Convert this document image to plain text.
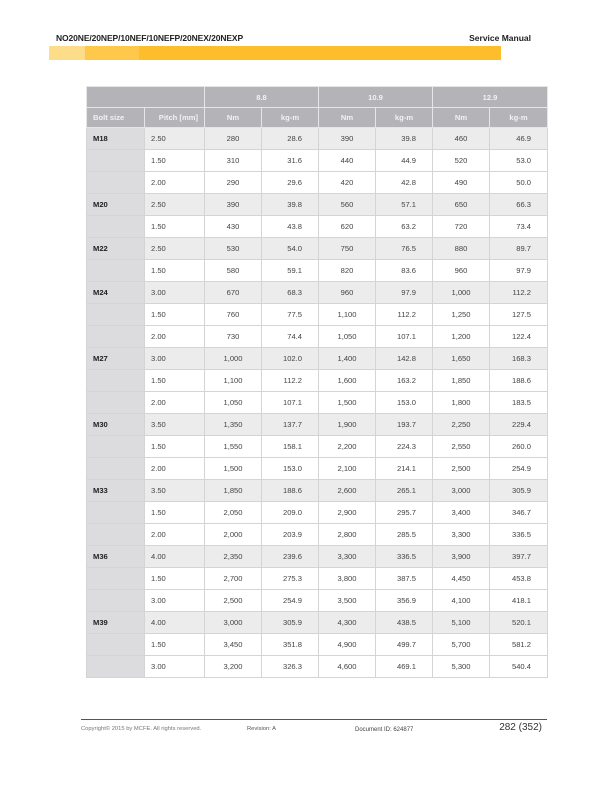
NO20NE/20NEP/10NEF/10NEFP/20NEX/20NEXP	Service Manual
		8.8		10.9		12.9	
Bolt size	Pitch [mm]	Nm	kg-m	Nm	kg-m	Nm	kg-m
M18	2.50	280	28.6	390	39.8	460	46.9
	1.50	310	31.6	440	44.9	520	53.0
	2.00	290	29.6	420	42.8	490	50.0
M20	2.50	390	39.8	560	57.1	650	66.3
	1.50	430	43.8	620	63.2	720	73.4
M22	2.50	530	54.0	750	76.5	880	89.7
	1.50	580	59.1	820	83.6	960	97.9
M24	3.00	670	68.3	960	97.9	1,000	112.2
	1.50	760	77.5	1,100	112.2	1,250	127.5
	2.00	730	74.4	1,050	107.1	1,200	122.4
M27	3.00	1,000	102.0	1,400	142.8	1,650	168.3
	1.50	1,100	112.2	1,600	163.2	1,850	188.6
	2.00	1,050	107.1	1,500	153.0	1,800	183.5
M30	3.50	1,350	137.7	1,900	193.7	2,250	229.4
	1.50	1,550	158.1	2,200	224.3	2,550	260.0
	2.00	1,500	153.0	2,100	214.1	2,500	254.9
M33	3.50	1,850	188.6	2,600	265.1	3,000	305.9
	1.50	2,050	209.0	2,900	295.7	3,400	346.7
	2.00	2,000	203.9	2,800	285.5	3,300	336.5
M36	4.00	2,350	239.6	3,300	336.5	3,900	397.7
	1.50	2,700	275.3	3,800	387.5	4,450	453.8
	3.00	2,500	254.9	3,500	356.9	4,100	418.1
M39	4.00	3,000	305.9	4,300	438.5	5,100	520.1
	1.50	3,450	351.8	4,900	499.7	5,700	581.2
	3.00	3,200	326.3	4,600	469.1	5,300	540.4
Copyright© 2015 by MCFE. All rights reserved.	Revision: A	Document ID: 624877	282 (352)
